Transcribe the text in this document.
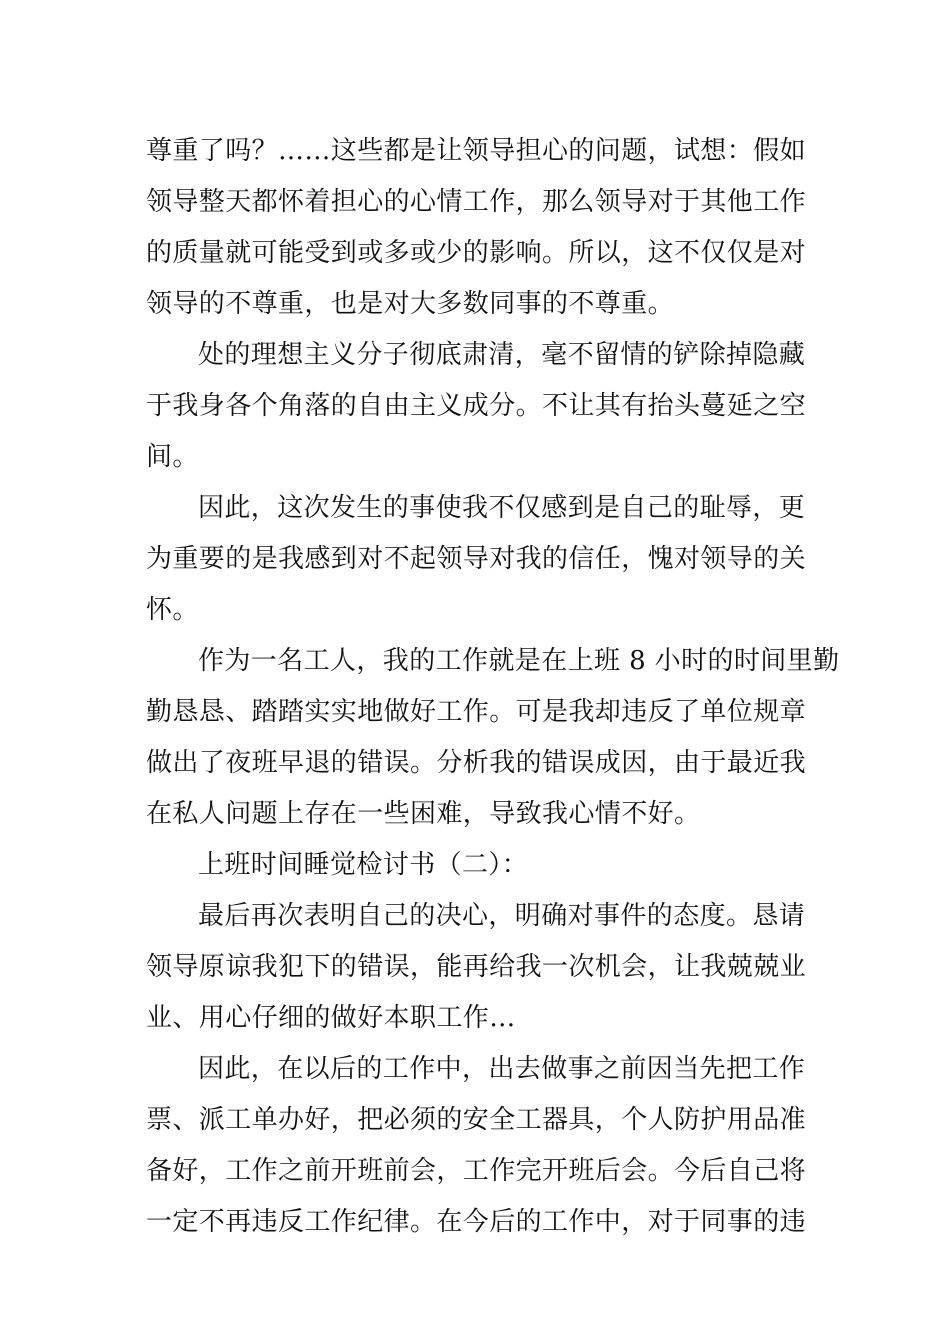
尊重了吗？……这些都是让领导担心的问题，试想：假如
领导整天都怀着担心的心情工作，那么领导对于其他工作
的质量就可能受到或多或少的影响。所以，这不仅仅是对
领导的不尊重，也是对大多数同事的不尊重。
处的理想主义分子彻底肃清，毫不留情的铲除掉隐藏
于我身各个角落的自由主义成分。不让其有抬头蔓延之空
间。
因此，这次发生的事使我不仅感到是自己的耻辱，更
为重要的是我感到对不起领导对我的信任，愧对领导的关
怀。
作为一名工人，我的工作就是在上班 8 小时的时间里勤
勤恳恳、踏踏实实地做好工作。可是我却违反了单位规章
做出了夜班早退的错误。分析我的错误成因，由于最近我
在私人问题上存在一些困难，导致我心情不好。
上班时间睡觉检讨书（二）：
最后再次表明自己的决心，明确对事件的态度。恳请
领导原谅我犯下的错误，能再给我一次机会，让我兢兢业
业、用心仔细的做好本职工作…
因此，在以后的工作中，出去做事之前因当先把工作
票、派工单办好，把必须的安全工器具，个人防护用品准
备好，工作之前开班前会，工作完开班后会。今后自己将
一定不再违反工作纪律。在今后的工作中，对于同事的违
